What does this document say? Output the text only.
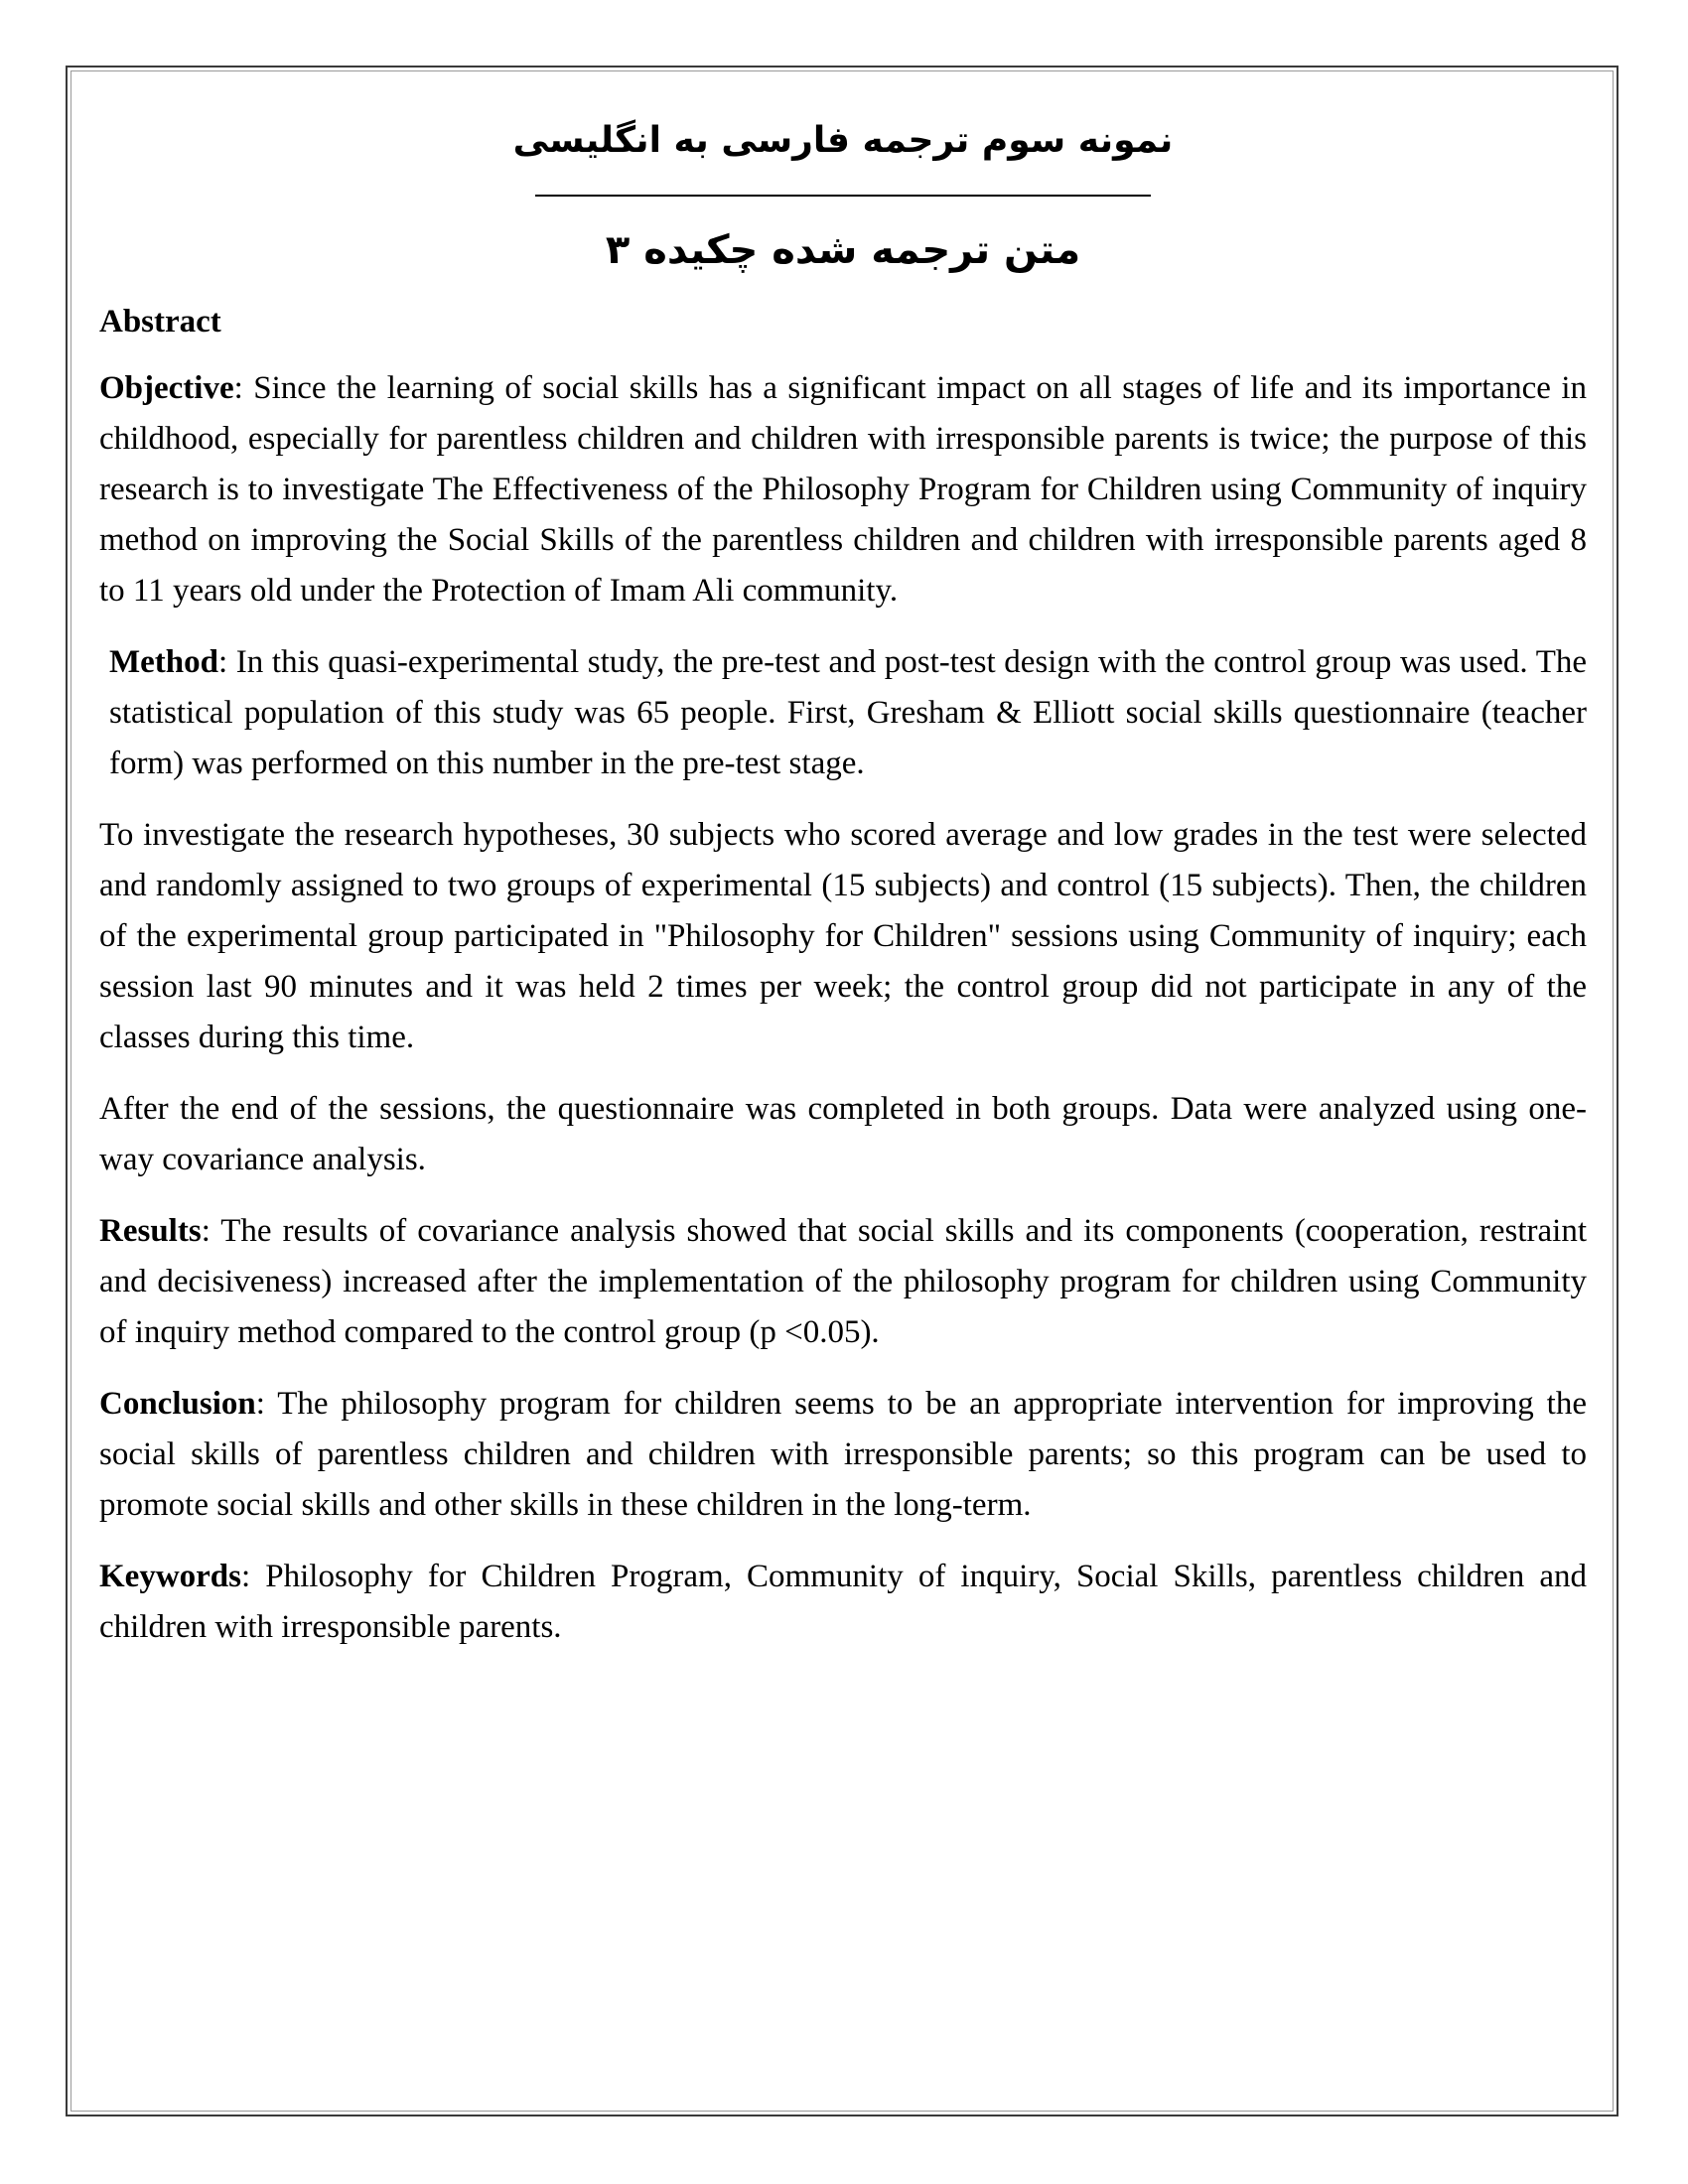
نمونه سوم ترجمه فارسی به انگلیسی

متن ترجمه شده چکیده ۳

Abstract

Objective: Since the learning of social skills has a significant impact on all stages of life and its importance in childhood, especially for parentless children and children with irresponsible parents is twice; the purpose of this research is to investigate The Effectiveness of the Philosophy Program for Children using Community of inquiry method on improving the Social Skills of the parentless children and children with irresponsible parents aged 8 to 11 years old under the Protection of Imam Ali community.

Method: In this quasi-experimental study, the pre-test and post-test design with the control group was used. The statistical population of this study was 65 people. First, Gresham & Elliott social skills questionnaire (teacher form) was performed on this number in the pre-test stage.

To investigate the research hypotheses, 30 subjects who scored average and low grades in the test were selected and randomly assigned to two groups of experimental (15 subjects) and control (15 subjects). Then, the children of the experimental group participated in "Philosophy for Children" sessions using Community of inquiry; each session last 90 minutes and it was held 2 times per week; the control group did not participate in any of the classes during this time.

After the end of the sessions, the questionnaire was completed in both groups. Data were analyzed using one-way covariance analysis.

Results: The results of covariance analysis showed that social skills and its components (cooperation, restraint and decisiveness) increased after the implementation of the philosophy program for children using Community of inquiry method compared to the control group (p <0.05).

Conclusion: The philosophy program for children seems to be an appropriate intervention for improving the social skills of parentless children and children with irresponsible parents; so this program can be used to promote social skills and other skills in these children in the long-term.

Keywords: Philosophy for Children Program, Community of inquiry, Social Skills, parentless children and children with irresponsible parents.
